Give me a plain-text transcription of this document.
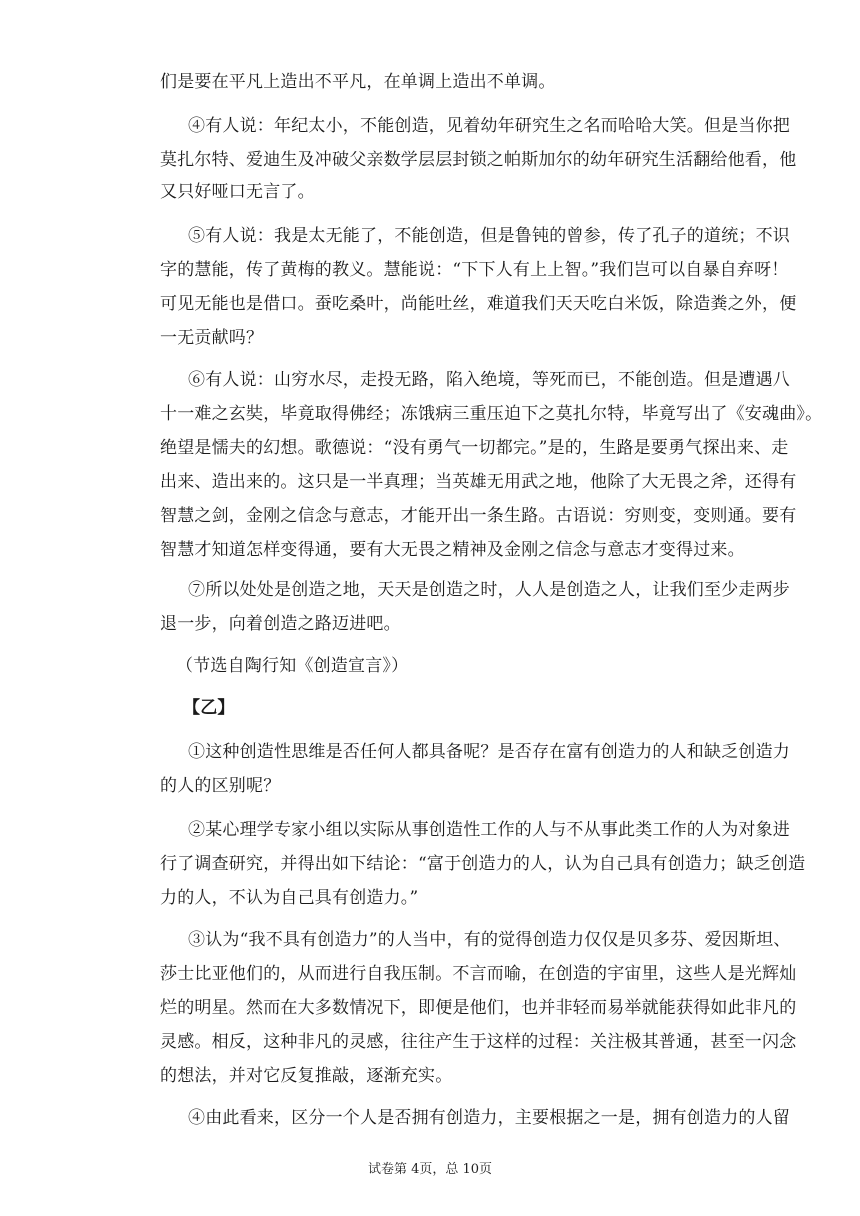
们是要在平凡上造出不平凡，在单调上造出不单调。
④有人说：年纪太小，不能创造，见着幼年研究生之名而哈哈大笑。但是当你把
莫扎尔特、爱迪生及冲破父亲数学层层封锁之帕斯加尔的幼年研究生活翻给他看，他
又只好哑口无言了。
⑤有人说：我是太无能了，不能创造，但是鲁钝的曾参，传了孔子的道统；不识
字的慧能，传了黄梅的教义。慧能说：“下下人有上上智。”我们岂可以自暴自弃呀！
可见无能也是借口。蚕吃桑叶，尚能吐丝，难道我们天天吃白米饭，除造粪之外，便
一无贡献吗？
⑥有人说：山穷水尽，走投无路，陷入绝境，等死而已，不能创造。但是遭遇八
十一难之玄奘，毕竟取得佛经；冻饿病三重压迫下之莫扎尔特，毕竟写出了《安魂曲》。
绝望是懦夫的幻想。歌德说：“没有勇气一切都完。”是的，生路是要勇气探出来、走
出来、造出来的。这只是一半真理；当英雄无用武之地，他除了大无畏之斧，还得有
智慧之剑，金刚之信念与意志，才能开出一条生路。古语说：穷则变，变则通。要有
智慧才知道怎样变得通，要有大无畏之精神及金刚之信念与意志才变得过来。
⑦所以处处是创造之地，天天是创造之时，人人是创造之人，让我们至少走两步
退一步，向着创造之路迈进吧。
（节选自陶行知《创造宣言》）
【乙】
①这种创造性思维是否任何人都具备呢？是否存在富有创造力的人和缺乏创造力
的人的区别呢？
②某心理学专家小组以实际从事创造性工作的人与不从事此类工作的人为对象进
行了调查研究，并得出如下结论：“富于创造力的人，认为自己具有创造力；缺乏创造
力的人，不认为自己具有创造力。”
③认为“我不具有创造力”的人当中，有的觉得创造力仅仅是贝多芬、爱因斯坦、
莎士比亚他们的，从而进行自我压制。不言而喻，在创造的宇宙里，这些人是光辉灿
烂的明星。然而在大多数情况下，即便是他们，也并非轻而易举就能获得如此非凡的
灵感。相反，这种非凡的灵感，往往产生于这样的过程：关注极其普通，甚至一闪念
的想法，并对它反复推敲，逐渐充实。
④由此看来，区分一个人是否拥有创造力，主要根据之一是，拥有创造力的人留
试卷第 4页，总 10页
